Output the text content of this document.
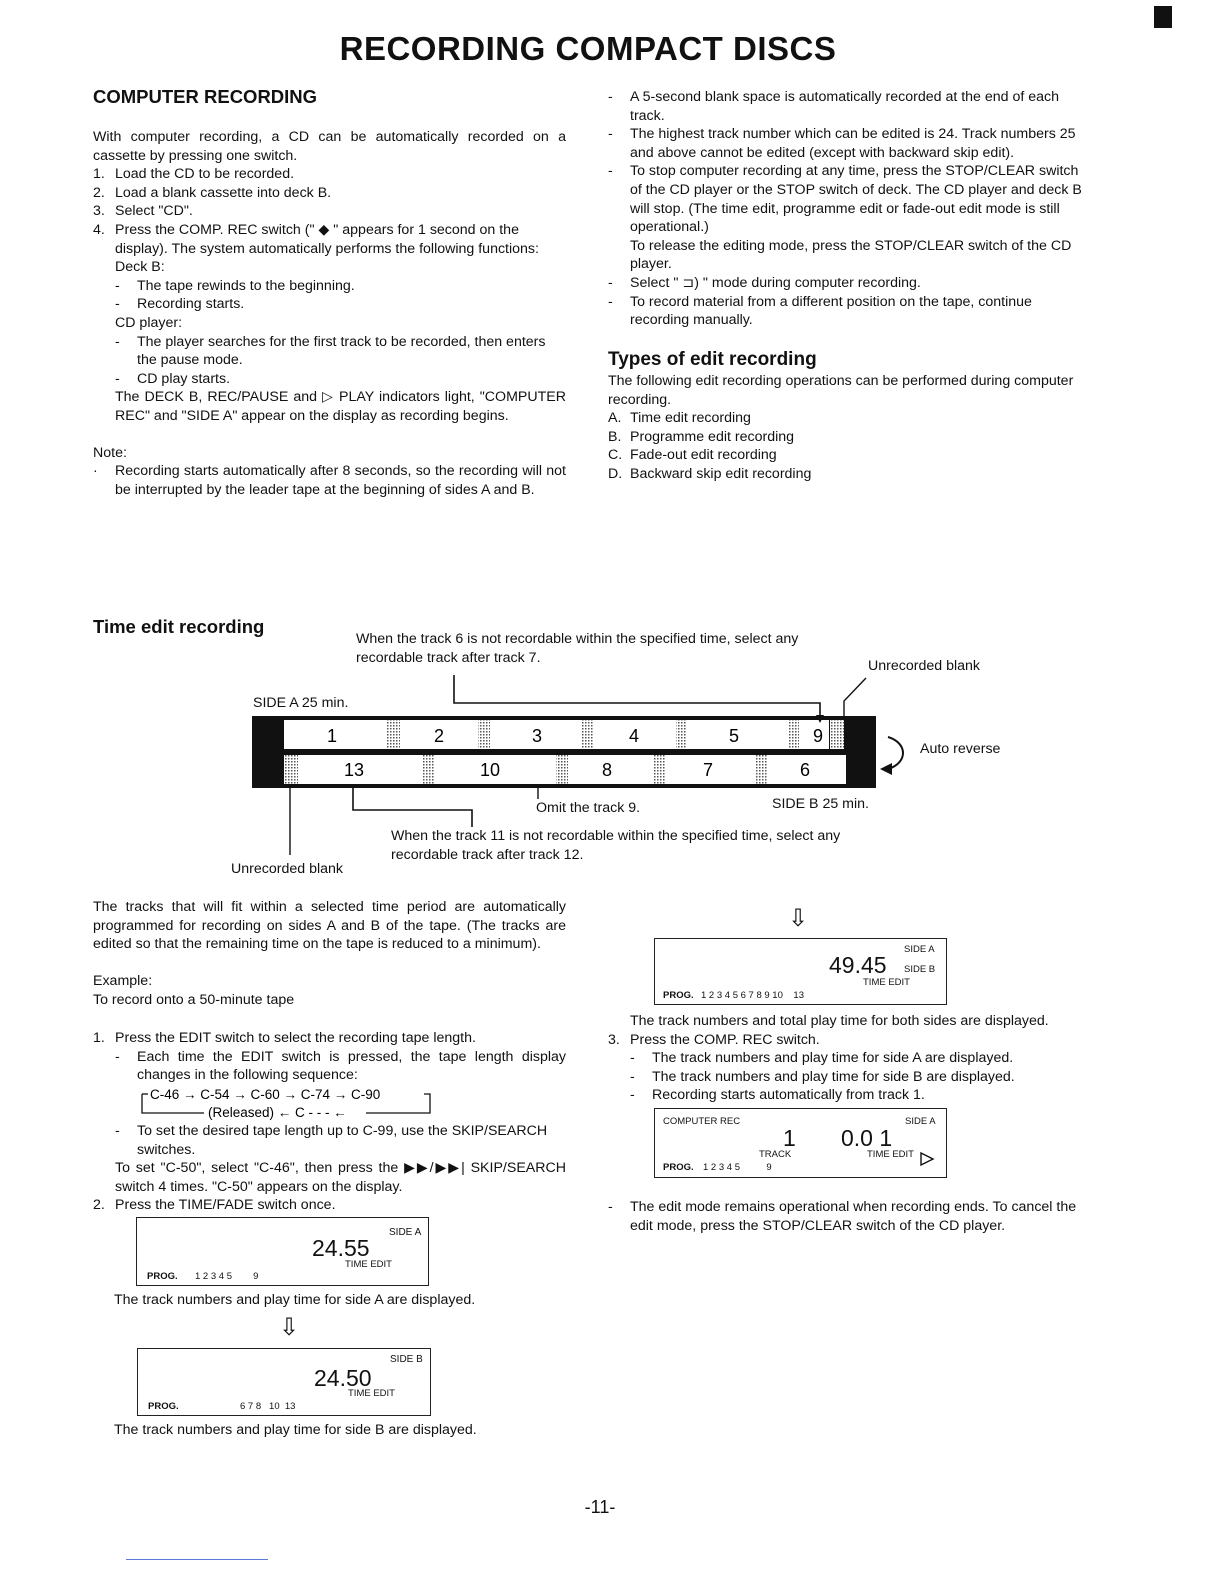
RECORDING COMPACT DISCS
COMPUTER RECORDING

With computer recording, a CD can be automatically recorded on a cassette by pressing one switch.

1. Load the CD to be recorded.
2. Load a blank cassette into deck B.
3. Select "CD".
4. Press the COMP. REC switch (" ◆ " appears for 1 second on the display). The system automatically performs the following functions:
Deck B:
- The tape rewinds to the beginning.
- Recording starts.
CD player:
- The player searches for the first track to be recorded, then enters the pause mode.
- CD play starts.
The DECK B, REC/PAUSE and ▷ PLAY indicators light, "COMPUTER REC" and "SIDE A" appear on the display as recording begins.
Note:
· Recording starts automatically after 8 seconds, so the recording will not be interrupted by the leader tape at the beginning of sides A and B.
- A 5-second blank space is automatically recorded at the end of each track.
- The highest track number which can be edited is 24. Track numbers 25 and above cannot be edited (except with backward skip edit).
- To stop computer recording at any time, press the STOP/CLEAR switch of the CD player or the STOP switch of deck. The CD player and deck B will stop. (The time edit, programme edit or fade-out edit mode is still operational.)
To release the editing mode, press the STOP/CLEAR switch of the CD player.
- Select " ⊐) " mode during computer recording.
- To record material from a different position on the tape, continue recording manually.
Types of edit recording

The following edit recording operations can be performed during computer recording.

A. Time edit recording
B. Programme edit recording
C. Fade-out edit recording
D. Backward skip edit recording
Time edit recording
When the track 6 is not recordable within the specified time, select any recordable track after track 7.
Unrecorded blank
SIDE A 25 min.
Auto reverse
Omit the track 9.	SIDE B 25 min.
When the track 11 is not recordable within the specified time, select any recordable track after track 12.
Unrecorded blank
1	2	3	4	5	9
13	10	8	7	6
The tracks that will fit within a selected time period are automatically programmed for recording on sides A and B of the tape. (The tracks are edited so that the remaining time on the tape is reduced to a minimum).
Example:
To record onto a 50-minute tape
1. Press the EDIT switch to select the recording tape length.
- Each time the EDIT switch is pressed, the tape length display changes in the following sequence:
C-46 → C-54 → C-60 → C-74 → C-90
(Released) ← C - - - ←
- To set the desired tape length up to C-99, use the SKIP/SEARCH switches.
To set "C-50", select "C-46", then press the ▶▶/▶▶| SKIP/SEARCH switch 4 times. "C-50" appears on the display.
2. Press the TIME/FADE switch once.
24.55
SIDE A
TIME EDIT
PROG. 1 2 3 4 5        9
The track numbers and play time for side A are displayed.
⇩
24.50
SIDE B
TIME EDIT
PROG.	6 7 8   10  13
The track numbers and play time for side B are displayed.
⇩
49.45
SIDE A
SIDE B
TIME EDIT
PROG. 1 2 3 4 5 6 7 8 9 10    13
The track numbers and total play time for both sides are displayed.
3. Press the COMP. REC switch.
- The track numbers and play time for side A are displayed.
- The track numbers and play time for side B are displayed.
- Recording starts automatically from track 1.
COMPUTER REC	SIDE A
1
TRACK
0.0 1
TIME EDIT
PROG. 1 2 3 4 5          9
- The edit mode remains operational when recording ends. To cancel the edit mode, press the STOP/CLEAR switch of the CD player.
-11-
